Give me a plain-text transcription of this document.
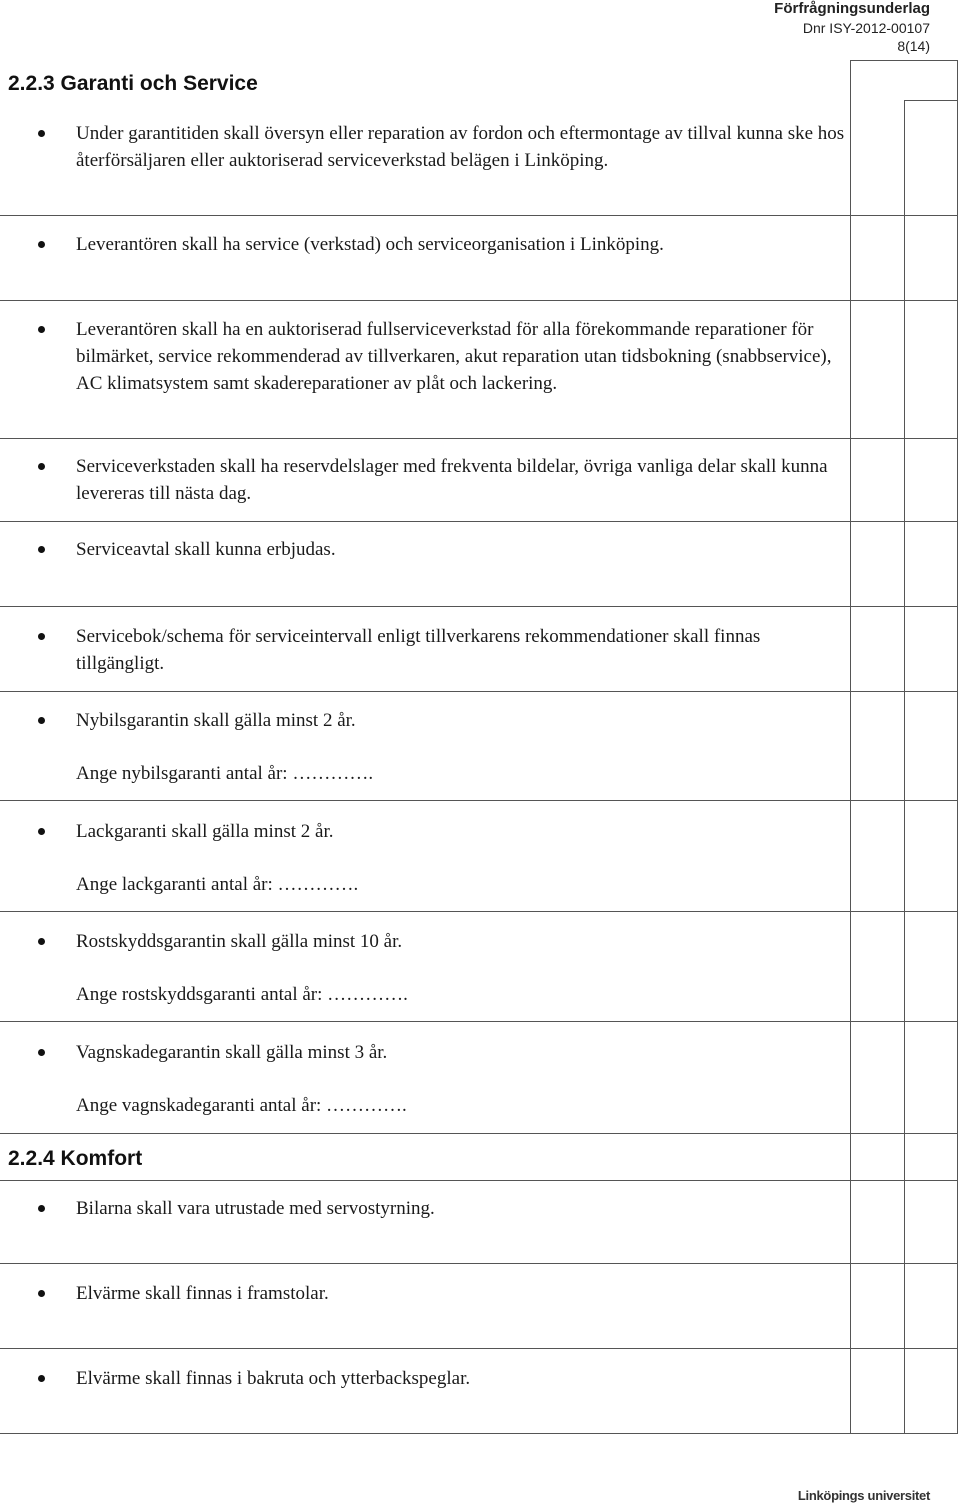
Förfrågningsunderlag
Dnr ISY-2012-00107
8(14)
2.2.3 Garanti och Service
Under garantitiden skall översyn eller reparation av fordon och eftermontage av tillval kunna ske hos återförsäljaren eller auktoriserad serviceverkstad belägen i Linköping.
Leverantören skall ha service (verkstad) och serviceorganisation i Linköping.
Leverantören skall ha en auktoriserad fullserviceverkstad för alla förekommande reparationer för bilmärket, service rekommenderad av tillverkaren, akut reparation utan tidsbokning (snabbservice), AC klimatsystem samt skadereparationer av plåt och lackering.
Serviceverkstaden skall ha reservdelslager med frekventa bildelar, övriga vanliga delar skall kunna levereras till nästa dag.
Serviceavtal skall kunna erbjudas.
Servicebok/schema för serviceintervall enligt tillverkarens rekommendationer skall finnas tillgängligt.
Nybilsgarantin skall gälla minst 2 år.
Ange nybilsgaranti antal år: ………….
Lackgaranti skall gälla minst 2 år.
Ange lackgaranti antal år: ………….
Rostskyddsgarantin skall gälla minst 10 år.
Ange rostskyddsgaranti antal år: ………….
Vagnskadegarantin skall gälla minst 3 år.
Ange vagnskadegaranti antal år: ………….
2.2.4 Komfort
Bilarna skall vara utrustade med servostyrning.
Elvärme skall finnas i framstolar.
Elvärme skall finnas i bakruta och ytterbackspeglar.
Linköpings universitet
